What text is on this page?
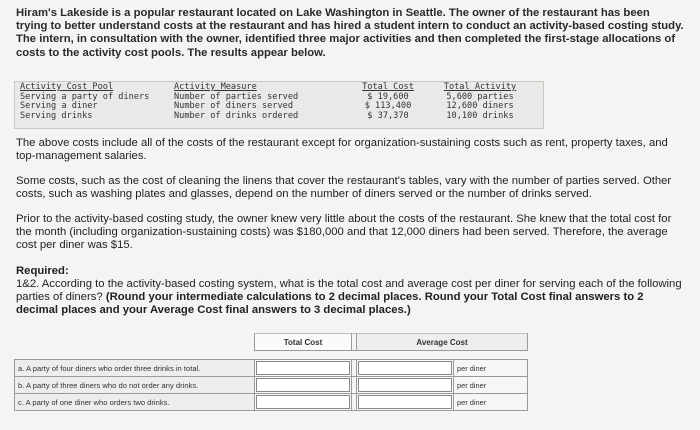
Hiram's Lakeside is a popular restaurant located on Lake Washington in Seattle. The owner of the restaurant has been trying to better understand costs at the restaurant and has hired a student intern to conduct an activity-based costing study. The intern, in consultation with the owner, identified three major activities and then completed the first-stage allocations of costs to the activity cost pools. The results appear below.

Activity Cost Pool	Activity Measure	Total Cost	Total Activity
Serving a party of diners	Number of parties served	$ 19,600	5,600 parties
Serving a diner	Number of diners served	$ 113,400	12,600 diners
Serving drinks	Number of drinks ordered	$ 37,370	10,100 drinks

The above costs include all of the costs of the restaurant except for organization-sustaining costs such as rent, property taxes, and top-management salaries.

Some costs, such as the cost of cleaning the linens that cover the restaurant's tables, vary with the number of parties served. Other costs, such as washing plates and glasses, depend on the number of diners served or the number of drinks served.

Prior to the activity-based costing study, the owner knew very little about the costs of the restaurant. She knew that the total cost for the month (including organization-sustaining costs) was $180,000 and that 12,000 diners had been served. Therefore, the average cost per diner was $15.

Required:

1&2. According to the activity-based costing system, what is the total cost and average cost per diner for serving each of the following parties of diners? (Round your intermediate calculations to 2 decimal places. Round your Total Cost final answers to 2 decimal places and your Average Cost final answers to 3 decimal places.)

	Total Cost		Average Cost	

a. A party of four diners who order three drinks in total.				per diner
b. A party of three diners who do not order any drinks.				per diner
c. A party of one diner who orders two drinks.				per diner
